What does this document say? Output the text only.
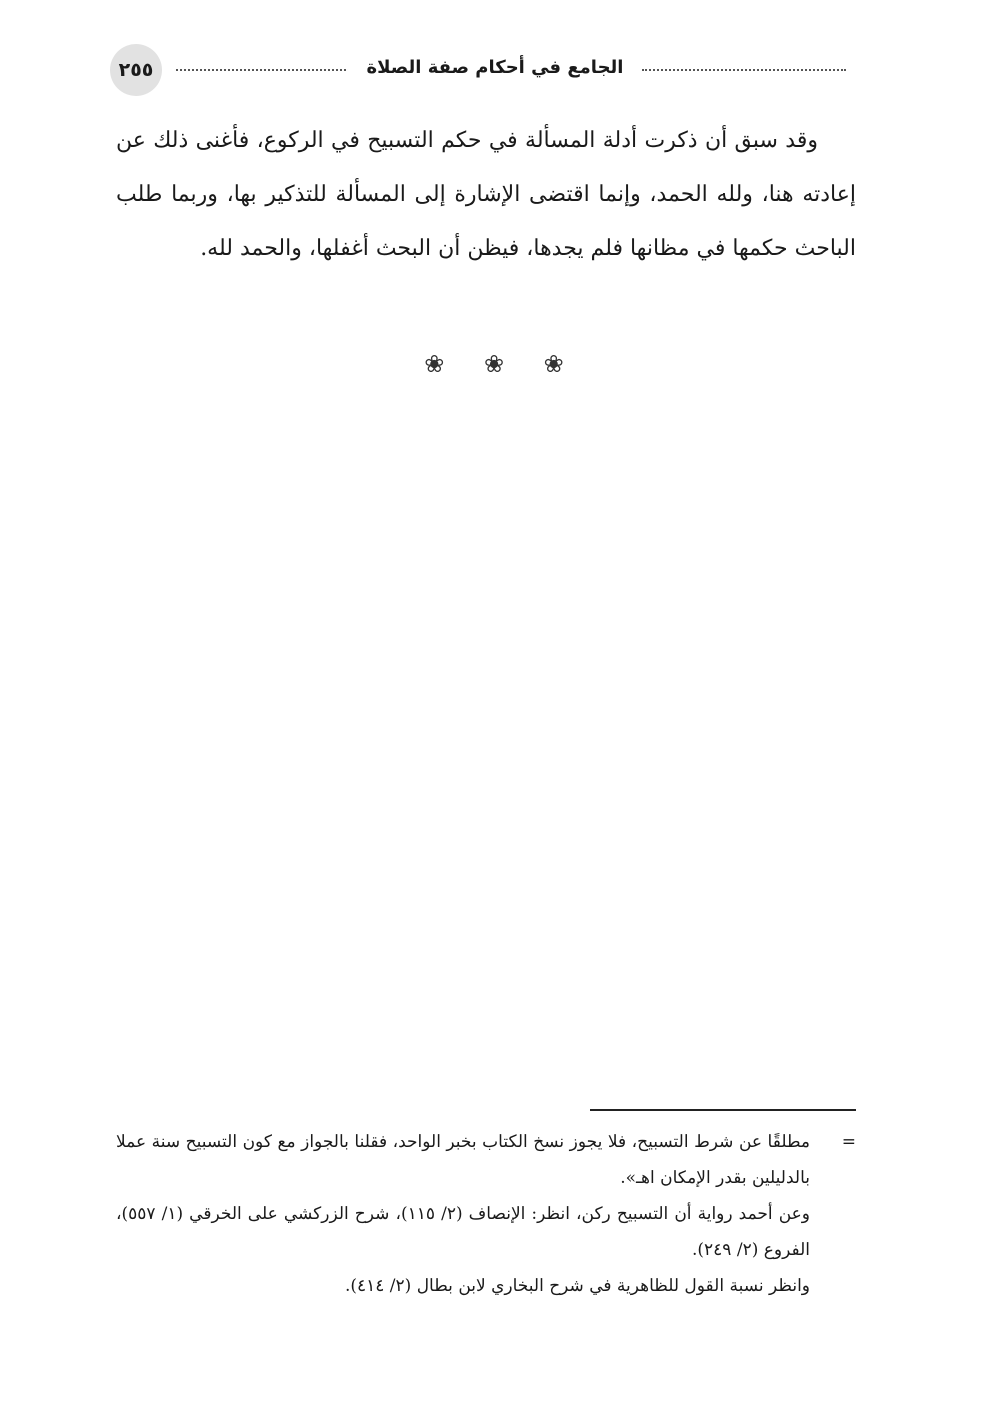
٢٥٥	الجامع في أحكام صفة الصلاة

وقد سبق أن ذكرت أدلة المسألة في حكم التسبيح في الركوع، فأغنى ذلك عن إعادته هنا، ولله الحمد، وإنما اقتضى الإشارة إلى المسألة للتذكير بها، وربما طلب الباحث حكمها في مظانها فلم يجدها، فيظن أن البحث أغفلها، والحمد لله.

❀ ❀ ❀

=
مطلقًا عن شرط التسبيح، فلا يجوز نسخ الكتاب بخبر الواحد، فقلنا بالجواز مع كون التسبيح سنة عملا بالدليلين بقدر الإمكان اهـ».

وعن أحمد رواية أن التسبيح ركن، انظر: الإنصاف (٢/ ١١٥)، شرح الزركشي على الخرقي (١/ ٥٥٧)، الفروع (٢/ ٢٤٩).

وانظر نسبة القول للظاهرية في شرح البخاري لابن بطال (٢/ ٤١٤).
